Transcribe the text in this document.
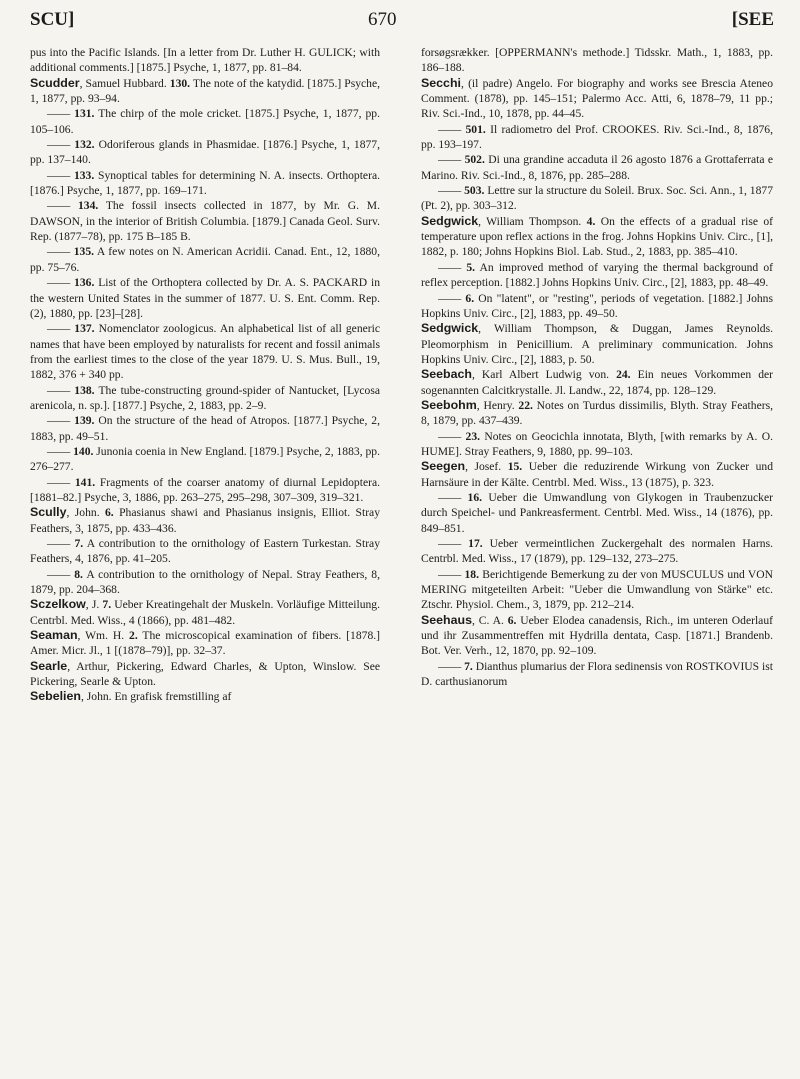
SCU]	670	[SEE

pus into the Pacific Islands. [In a letter from Dr. Luther H. GULICK; with additional comments.] [1875.] Psyche, 1, 1877, pp. 81–84.

Scudder, Samuel Hubbard. 130. The note of the katydid. [1875.] Psyche, 1, 1877, pp. 93–94.

—— 131. The chirp of the mole cricket. [1875.] Psyche, 1, 1877, pp. 105–106.

—— 132. Odoriferous glands in Phasmidae. [1876.] Psyche, 1, 1877, pp. 137–140.

—— 133. Synoptical tables for determining N. A. insects. Orthoptera. [1876.] Psyche, 1, 1877, pp. 169–171.

—— 134. The fossil insects collected in 1877, by Mr. G. M. DAWSON, in the interior of British Columbia. [1879.] Canada Geol. Surv. Rep. (1877–78), pp. 175 B–185 B.

—— 135. A few notes on N. American Acridii. Canad. Ent., 12, 1880, pp. 75–76.

—— 136. List of the Orthoptera collected by Dr. A. S. PACKARD in the western United States in the summer of 1877. U. S. Ent. Comm. Rep. (2), 1880, pp. [23]–[28].

—— 137. Nomenclator zoologicus. An alphabetical list of all generic names that have been employed by naturalists for recent and fossil animals from the earliest times to the close of the year 1879. U. S. Mus. Bull., 19, 1882, 376 + 340 pp.

—— 138. The tube-constructing ground-spider of Nantucket, [Lycosa arenicola, n. sp.]. [1877.] Psyche, 2, 1883, pp. 2–9.

—— 139. On the structure of the head of Atropos. [1877.] Psyche, 2, 1883, pp. 49–51.

—— 140. Junonia coenia in New England. [1879.] Psyche, 2, 1883, pp. 276–277.

—— 141. Fragments of the coarser anatomy of diurnal Lepidoptera. [1881–82.] Psyche, 3, 1886, pp. 263–275, 295–298, 307–309, 319–321.

Scully, John. 6. Phasianus shawi and Phasianus insignis, Elliot. Stray Feathers, 3, 1875, pp. 433–436.

—— 7. A contribution to the ornithology of Eastern Turkestan. Stray Feathers, 4, 1876, pp. 41–205.

—— 8. A contribution to the ornithology of Nepal. Stray Feathers, 8, 1879, pp. 204–368.

Sczelkow, J. 7. Ueber Kreatingehalt der Muskeln. Vorläufige Mitteilung. Centrbl. Med. Wiss., 4 (1866), pp. 481–482.

Seaman, Wm. H. 2. The microscopical examination of fibers. [1878.] Amer. Micr. Jl., 1 [(1878–79)], pp. 32–37.

Searle, Arthur, Pickering, Edward Charles, & Upton, Winslow. See Pickering, Searle & Upton.

Sebelien, John. En grafisk fremstilling af

forsøgsrækker. [OPPERMANN's methode.] Tidsskr. Math., 1, 1883, pp. 186–188.

Secchi, (il padre) Angelo. For biography and works see Brescia Ateneo Comment. (1878), pp. 145–151; Palermo Acc. Atti, 6, 1878–79, 11 pp.; Riv. Sci.-Ind., 10, 1878, pp. 44–45.

—— 501. Il radiometro del Prof. CROOKES. Riv. Sci.-Ind., 8, 1876, pp. 193–197.

—— 502. Di una grandine accaduta il 26 agosto 1876 a Grottaferrata e Marino. Riv. Sci.-Ind., 8, 1876, pp. 285–288.

—— 503. Lettre sur la structure du Soleil. Brux. Soc. Sci. Ann., 1, 1877 (Pt. 2), pp. 303–312.

Sedgwick, William Thompson. 4. On the effects of a gradual rise of temperature upon reflex actions in the frog. Johns Hopkins Univ. Circ., [1], 1882, p. 180; Johns Hopkins Biol. Lab. Stud., 2, 1883, pp. 385–410.

—— 5. An improved method of varying the thermal background of reflex perception. [1882.] Johns Hopkins Univ. Circ., [2], 1883, pp. 48–49.

—— 6. On "latent", or "resting", periods of vegetation. [1882.] Johns Hopkins Univ. Circ., [2], 1883, pp. 49–50.

Sedgwick, William Thompson, & Duggan, James Reynolds. Pleomorphism in Penicillium. A preliminary communication. Johns Hopkins Univ. Circ., [2], 1883, p. 50.

Seebach, Karl Albert Ludwig von. 24. Ein neues Vorkommen der sogenannten Calcitkrystalle. Jl. Landw., 22, 1874, pp. 128–129.

Seebohm, Henry. 22. Notes on Turdus dissimilis, Blyth. Stray Feathers, 8, 1879, pp. 437–439.

—— 23. Notes on Geocichla innotata, Blyth, [with remarks by A. O. HUME]. Stray Feathers, 9, 1880, pp. 99–103.

Seegen, Josef. 15. Ueber die reduzirende Wirkung von Zucker und Harnsäure in der Kälte. Centrbl. Med. Wiss., 13 (1875), p. 323.

—— 16. Ueber die Umwandlung von Glykogen in Traubenzucker durch Speichel- und Pankreasferment. Centrbl. Med. Wiss., 14 (1876), pp. 849–851.

—— 17. Ueber vermeintlichen Zuckergehalt des normalen Harns. Centrbl. Med. Wiss., 17 (1879), pp. 129–132, 273–275.

—— 18. Berichtigende Bemerkung zu der von MUSCULUS und VON MERING mitgeteilten Arbeit: "Ueber die Umwandlung von Stärke" etc. Ztschr. Physiol. Chem., 3, 1879, pp. 212–214.

Seehaus, C. A. 6. Ueber Elodea canadensis, Rich., im unteren Oderlauf und ihr Zusammentreffen mit Hydrilla dentata, Casp. [1871.] Brandenb. Bot. Ver. Verh., 12, 1870, pp. 92–109.

—— 7. Dianthus plumarius der Flora sedinensis von ROSTKOVIUS ist D. carthusianorum
